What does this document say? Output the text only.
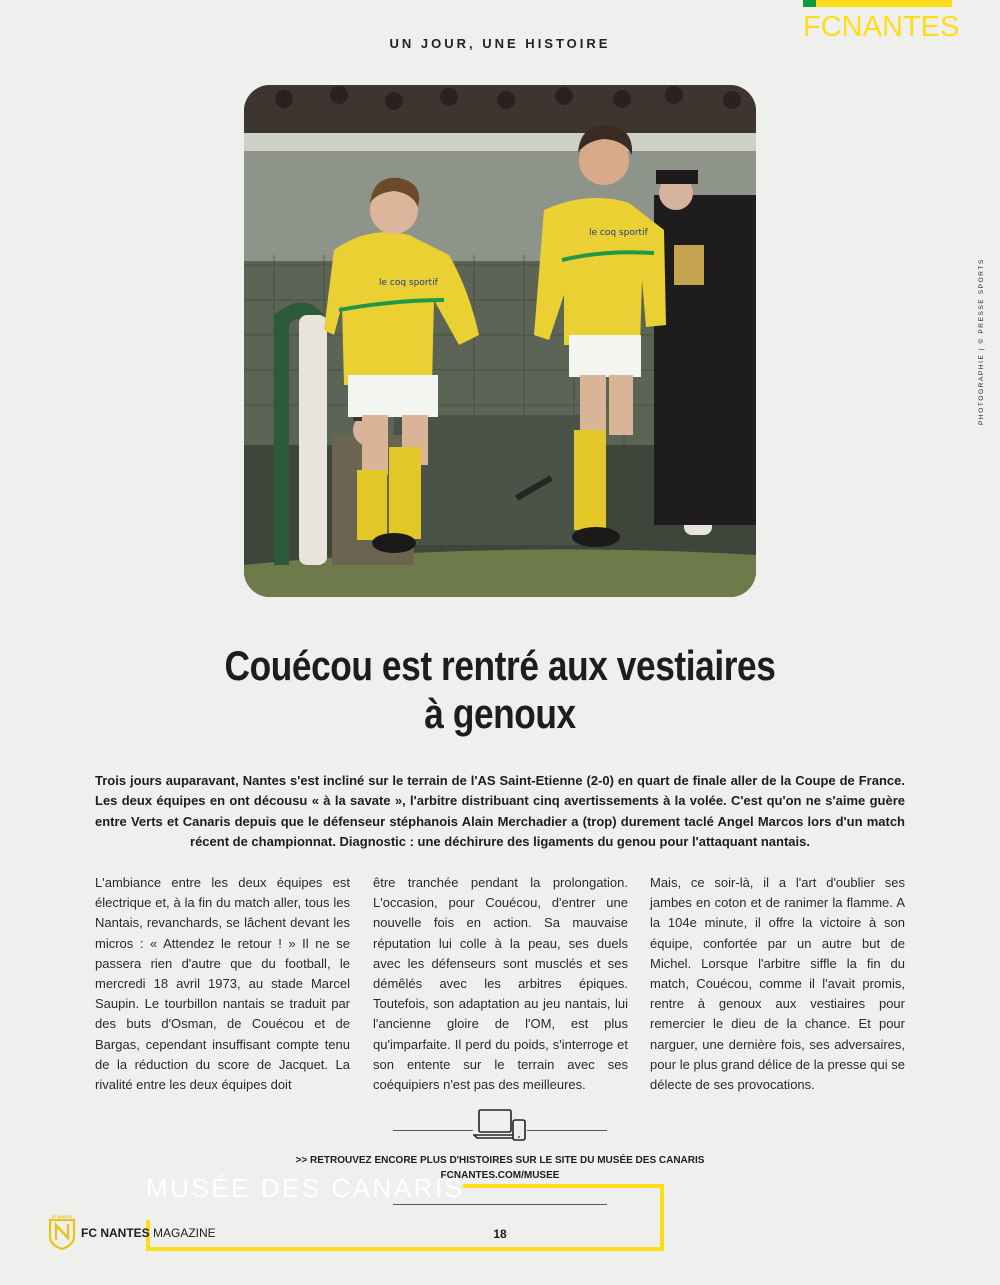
FCNANTES
UN JOUR, UNE HISTOIRE
le coq sportif
le coq sportif
PHOTOGRAPHIE | © PRESSE SPORTS
Couécou est rentré aux vestiaires
à genoux
Trois jours auparavant, Nantes s'est incliné sur le terrain de l'AS Saint-Etienne (2-0) en quart de finale aller de la Coupe de France. Les deux équipes en ont décousu « à la savate », l'arbitre distribuant cinq avertissements à la volée. C'est qu'on ne s'aime guère entre Verts et Canaris depuis que le défenseur stéphanois Alain Merchadier a (trop) durement taclé Angel Marcos lors d'un match récent de championnat. Diagnostic : une déchirure des ligaments du genou pour l'attaquant nantais.
L'ambiance entre les deux équipes est électrique et, à la fin du match aller, tous les Nantais, revanchards, se lâchent devant les micros : « Attendez le retour ! » Il ne se passera rien d'autre que du football, le mercredi 18 avril 1973, au stade Marcel Saupin. Le tourbillon nantais se traduit par des buts d'Osman, de Couécou et de Bargas, cependant insuffisant compte tenu de la réduction du score de Jacquet. La rivalité entre les deux équipes doit
être tranchée pendant la prolongation. L'occasion, pour Couécou, d'entrer une nouvelle fois en action. Sa mauvaise réputation lui colle à la peau, ses duels avec les défenseurs sont musclés et ses démêlés avec les arbitres épiques. Toutefois, son adaptation au jeu nantais, lui l'ancienne gloire de l'OM, est plus qu'imparfaite. Il perd du poids, s'interroge et son entente sur le terrain avec ses coéquipiers n'est pas des meilleures.
Mais, ce soir-là, il a l'art d'oublier ses jambes en coton et de ranimer la flamme. A la 104e minute, il offre la victoire à son équipe, confortée par un autre but de Michel. Lorsque l'arbitre siffle la fin du match, Couécou, comme il l'avait promis, rentre à genoux aux vestiaires pour remercier le dieu de la chance. Et pour narguer, une dernière fois, ses adversaires, pour le plus grand délice de la presse qui se délecte de ses provocations.
>> RETROUVEZ ENCORE PLUS D'HISTOIRES SUR LE SITE DU MUSÉE DES CANARIS
FCNANTES.COM/MUSEE
MUSÉE DES CANARIS
FC NANTES
FC NANTES MAGAZINE	18
